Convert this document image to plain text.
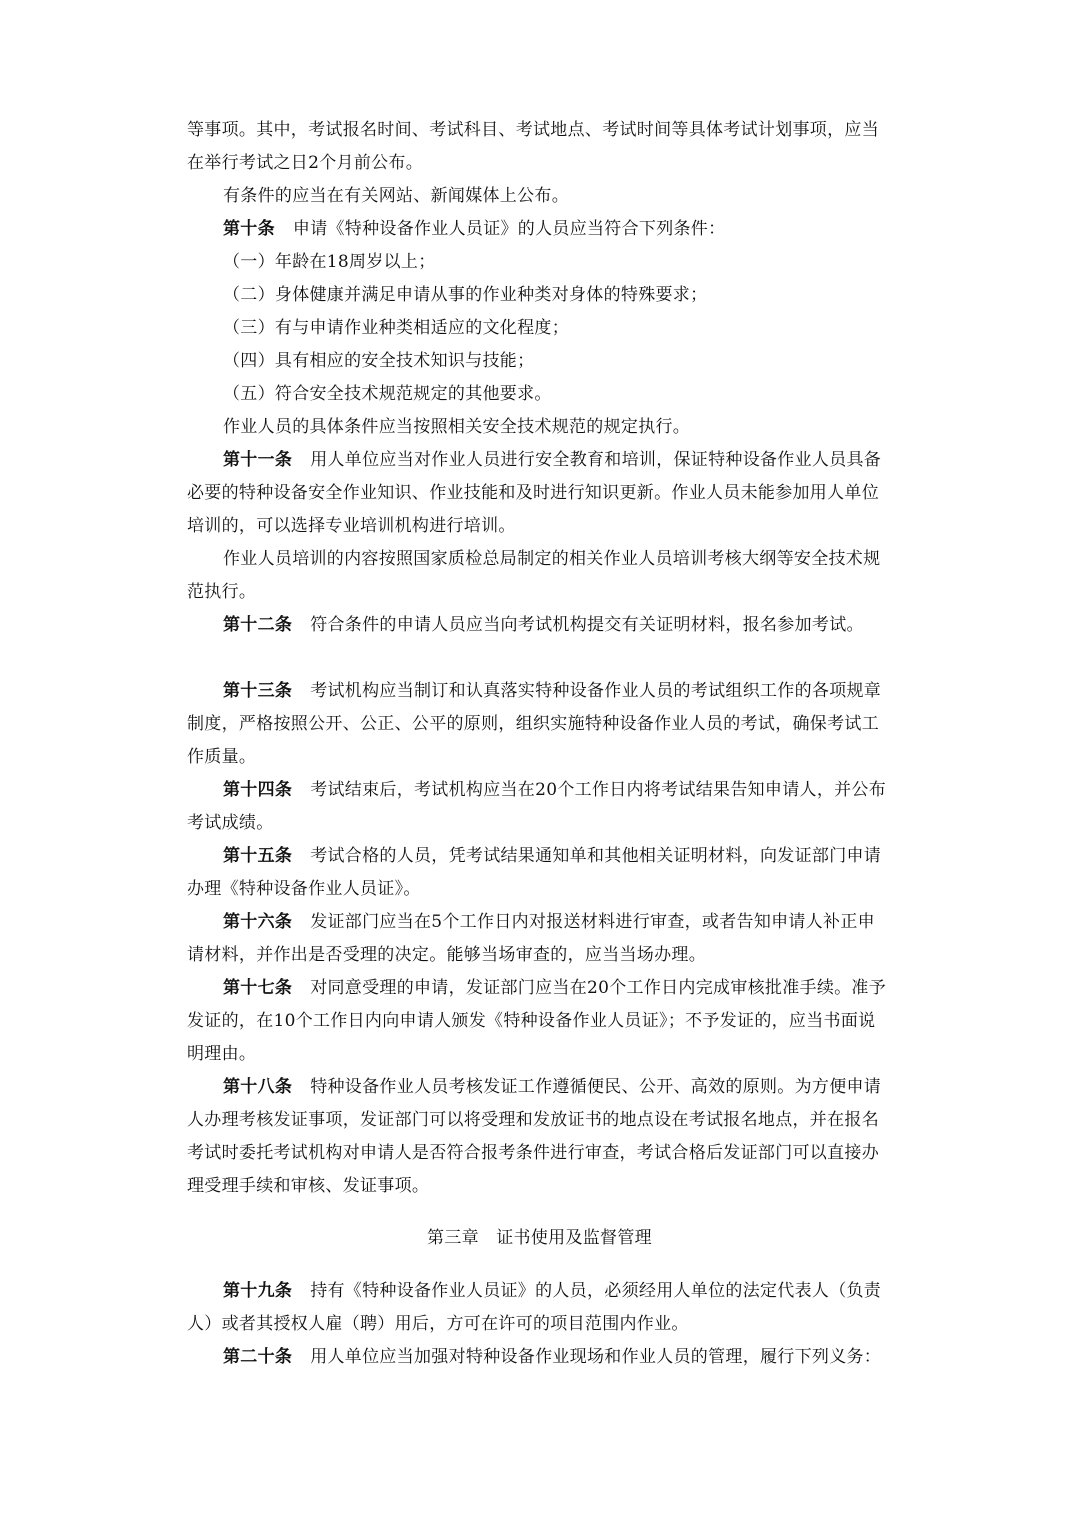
等事项。其中，考试报名时间、考试科目、考试地点、考试时间等具体考试计划事项，应当在举行考试之日2个月前公布。

有条件的应当在有关网站、新闻媒体上公布。

第十条 申请《特种设备作业人员证》的人员应当符合下列条件：

（一）年龄在18周岁以上；

（二）身体健康并满足申请从事的作业种类对身体的特殊要求；

（三）有与申请作业种类相适应的文化程度；

（四）具有相应的安全技术知识与技能；

（五）符合安全技术规范规定的其他要求。

作业人员的具体条件应当按照相关安全技术规范的规定执行。

第十一条 用人单位应当对作业人员进行安全教育和培训，保证特种设备作业人员具备必要的特种设备安全作业知识、作业技能和及时进行知识更新。作业人员未能参加用人单位培训的，可以选择专业培训机构进行培训。

作业人员培训的内容按照国家质检总局制定的相关作业人员培训考核大纲等安全技术规范执行。

第十二条 符合条件的申请人员应当向考试机构提交有关证明材料，报名参加考试。

第十三条 考试机构应当制订和认真落实特种设备作业人员的考试组织工作的各项规章制度，严格按照公开、公正、公平的原则，组织实施特种设备作业人员的考试，确保考试工作质量。

第十四条 考试结束后，考试机构应当在20个工作日内将考试结果告知申请人，并公布考试成绩。

第十五条 考试合格的人员，凭考试结果通知单和其他相关证明材料，向发证部门申请办理《特种设备作业人员证》。

第十六条 发证部门应当在5个工作日内对报送材料进行审查，或者告知申请人补正申请材料，并作出是否受理的决定。能够当场审查的，应当当场办理。

第十七条 对同意受理的申请，发证部门应当在20个工作日内完成审核批准手续。准予发证的，在10个工作日内向申请人颁发《特种设备作业人员证》；不予发证的，应当书面说明理由。

第十八条 特种设备作业人员考核发证工作遵循便民、公开、高效的原则。为方便申请人办理考核发证事项，发证部门可以将受理和发放证书的地点设在考试报名地点，并在报名考试时委托考试机构对申请人是否符合报考条件进行审查，考试合格后发证部门可以直接办理受理手续和审核、发证事项。

第三章　证书使用及监督管理

第十九条 持有《特种设备作业人员证》的人员，必须经用人单位的法定代表人（负责人）或者其授权人雇（聘）用后，方可在许可的项目范围内作业。

第二十条 用人单位应当加强对特种设备作业现场和作业人员的管理，履行下列义务：
